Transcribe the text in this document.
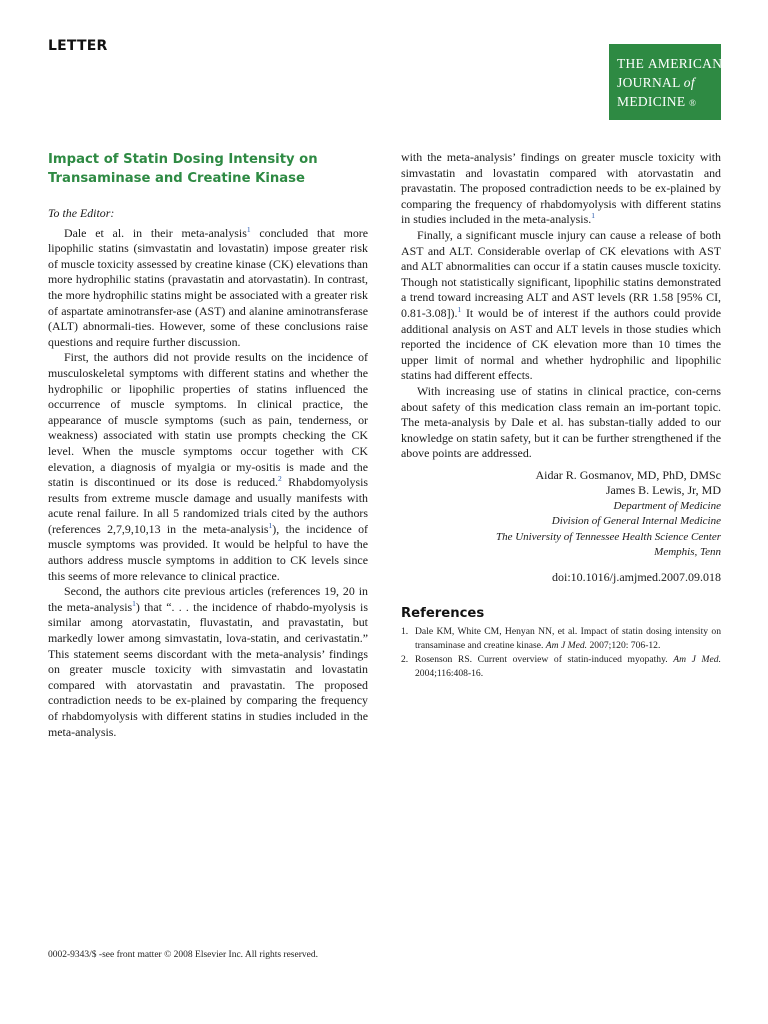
LETTER
THE AMERICAN
JOURNAL of
MEDICINE ®
Impact of Statin Dosing Intensity on Transaminase and Creatine Kinase
To the Editor:

Dale et al. in their meta-analysis$^1$ concluded that more lipophilic statins (simvastatin and lovastatin) impose greater risk of muscle toxicity assessed by creatine kinase (CK) elevations than more hydrophilic statins (pravastatin and atorvastatin). In contrast, the more hydrophilic statins might be associated with a greater risk of aspartate aminotransfer-ase (AST) and alanine aminotransferase (ALT) abnormali-ties. However, some of these conclusions raise questions and require further discussion.

First, the authors did not provide results on the incidence of musculoskeletal symptoms with different statins and whether the hydrophilic or lipophilic properties of statins influenced the occurrence of muscle symptoms. In clinical practice, the appearance of muscle symptoms (such as pain, tenderness, or weakness) associated with statin use prompts checking the CK level. When the muscle symptoms occur together with CK elevation, a diagnosis of myalgia or my-ositis is made and the statin is discontinued or its dose is reduced.$^2$ Rhabdomyolysis results from extreme muscle damage and usually manifests with acute renal failure. In all 5 randomized trials cited by the authors (references 2,7,9,10,13 in the meta-analysis$^1$), the incidence of muscle symptoms was provided. It would be helpful to have the authors address muscle symptoms in addition to CK levels since this seems of more relevance to clinical practice.

Second, the authors cite previous articles (references 19, 20 in the meta-analysis$^1$) that “. . . the incidence of rhabdo-myolysis is similar among atorvastatin, fluvastatin, and pravastatin, but markedly lower among simvastatin, lova-statin, and cerivastatin.” This statement seems discordant with the meta-analysis’ findings on greater muscle toxicity with simvastatin and lovastatin compared with atorvastatin and pravastatin. The proposed contradiction needs to be ex-plained by comparing the frequency of rhabdomyolysis with different statins in studies included in the meta-analysis.

with the meta-analysis’ findings on greater muscle toxicity with simvastatin and lovastatin compared with atorvastatin and pravastatin. The proposed contradiction needs to be ex-plained by comparing the frequency of rhabdomyolysis with different statins in studies included in the meta-analysis.$^1$

Finally, a significant muscle injury can cause a release of both AST and ALT. Considerable overlap of CK elevations with AST and ALT abnormalities can occur if a statin causes muscle toxicity. Though not statistically significant, lipophilic statins demonstrated a trend toward increasing ALT and AST levels (RR 1.58 [95% CI, 0.81-3.08]).$^1$ It would be of interest if the authors could provide additional analysis on AST and ALT levels in those studies which reported the incidence of CK elevation more than 10 times the upper limit of normal and whether hydrophilic and lipophilic statins had different effects.

With increasing use of statins in clinical practice, con-cerns about safety of this medication class remain an im-portant topic. The meta-analysis by Dale et al. has substan-tially added to our knowledge on statin safety, but it can be further strengthened if the above points are addressed.

Aidar R. Gosmanov, MD, PhD, DMSc
James B. Lewis, Jr, MD
Department of Medicine
Division of General Internal Medicine
The University of Tennessee Health Science Center
Memphis, Tenn
doi:10.1016/j.amjmed.2007.09.018
References
1. Dale KM, White CM, Henyan NN, et al. Impact of statin dosing intensity on transaminase and creatine kinase. Am J Med. 2007;120: 706-12.
2. Rosenson RS. Current overview of statin-induced myopathy. Am J Med. 2004;116:408-16.
0002-9343/$ -see front matter © 2008 Elsevier Inc. All rights reserved.
